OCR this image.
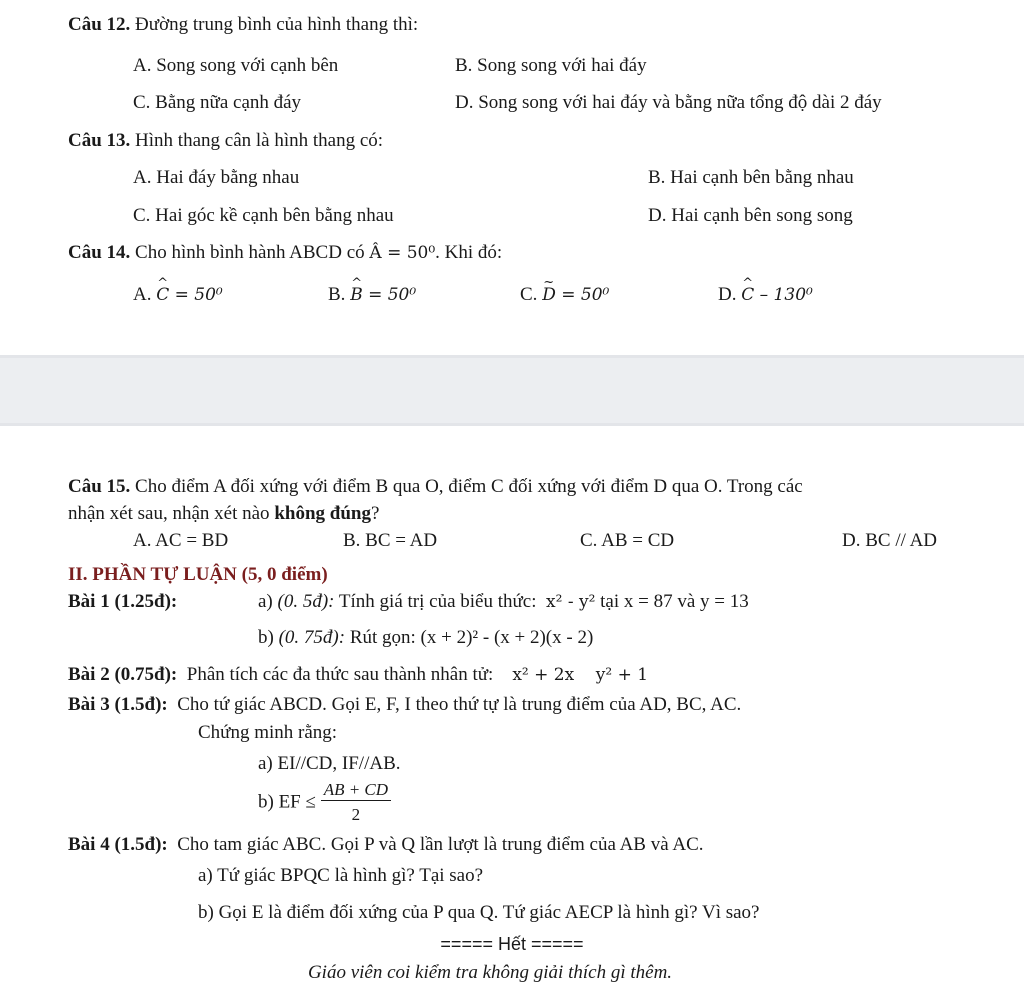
Câu 12. Đường trung bình của hình thang thì:
A. Song song với cạnh bên	B. Song song với hai đáy
C. Bằng nữa cạnh đáy	D. Song song với hai đáy và bằng nữa tổng độ dài 2 đáy
Câu 13. Hình thang cân là hình thang có:
A. Hai đáy bằng nhau	B. Hai cạnh bên bằng nhau
C. Hai góc kề cạnh bên bằng nhau	D. Hai cạnh bên song song
Câu 14. Cho hình bình hành ABCD có Â = 50⁰. Khi đó:
A. ^ C = 50⁰	B. ^ B = 50⁰	C. ~ D = 50⁰	D. ^ C – 130⁰
Câu 15. Cho điểm A đối xứng với điểm B qua O, điểm C đối xứng với điểm D qua O. Trong các
nhận xét sau, nhận xét nào không đúng?
A. AC = BD	B. BC = AD	C. AB = CD	D. BC // AD
II. PHẦN TỰ LUẬN (5, 0 điểm)
Bài 1 (1.25đ):	a) (0. 5đ): Tính giá trị của biểu thức: x² - y² tại x = 87 và y = 13
b) (0. 75đ): Rút gọn: (x + 2)² - (x + 2)(x - 2)
Bài 2 (0.75đ): Phân tích các đa thức sau thành nhân tử: x² + 2x    y² + 1
Bài 3 (1.5đ): Cho tứ giác ABCD. Gọi E, F, I theo thứ tự là trung điểm của AD, BC, AC.
Chứng minh rằng:
a) EI//CD, IF//AB.
b) EF ≤ $\frac{AB + CD}{2}$
Bài 4 (1.5đ): Cho tam giác ABC. Gọi P và Q lần lượt là trung điểm của AB và AC.
a) Tứ giác BPQC là hình gì? Tại sao?
b) Gọi E là điểm đối xứng của P qua Q. Tứ giác AECP là hình gì? Vì sao?
===== Hết =====
Giáo viên coi kiểm tra không giải thích gì thêm.
